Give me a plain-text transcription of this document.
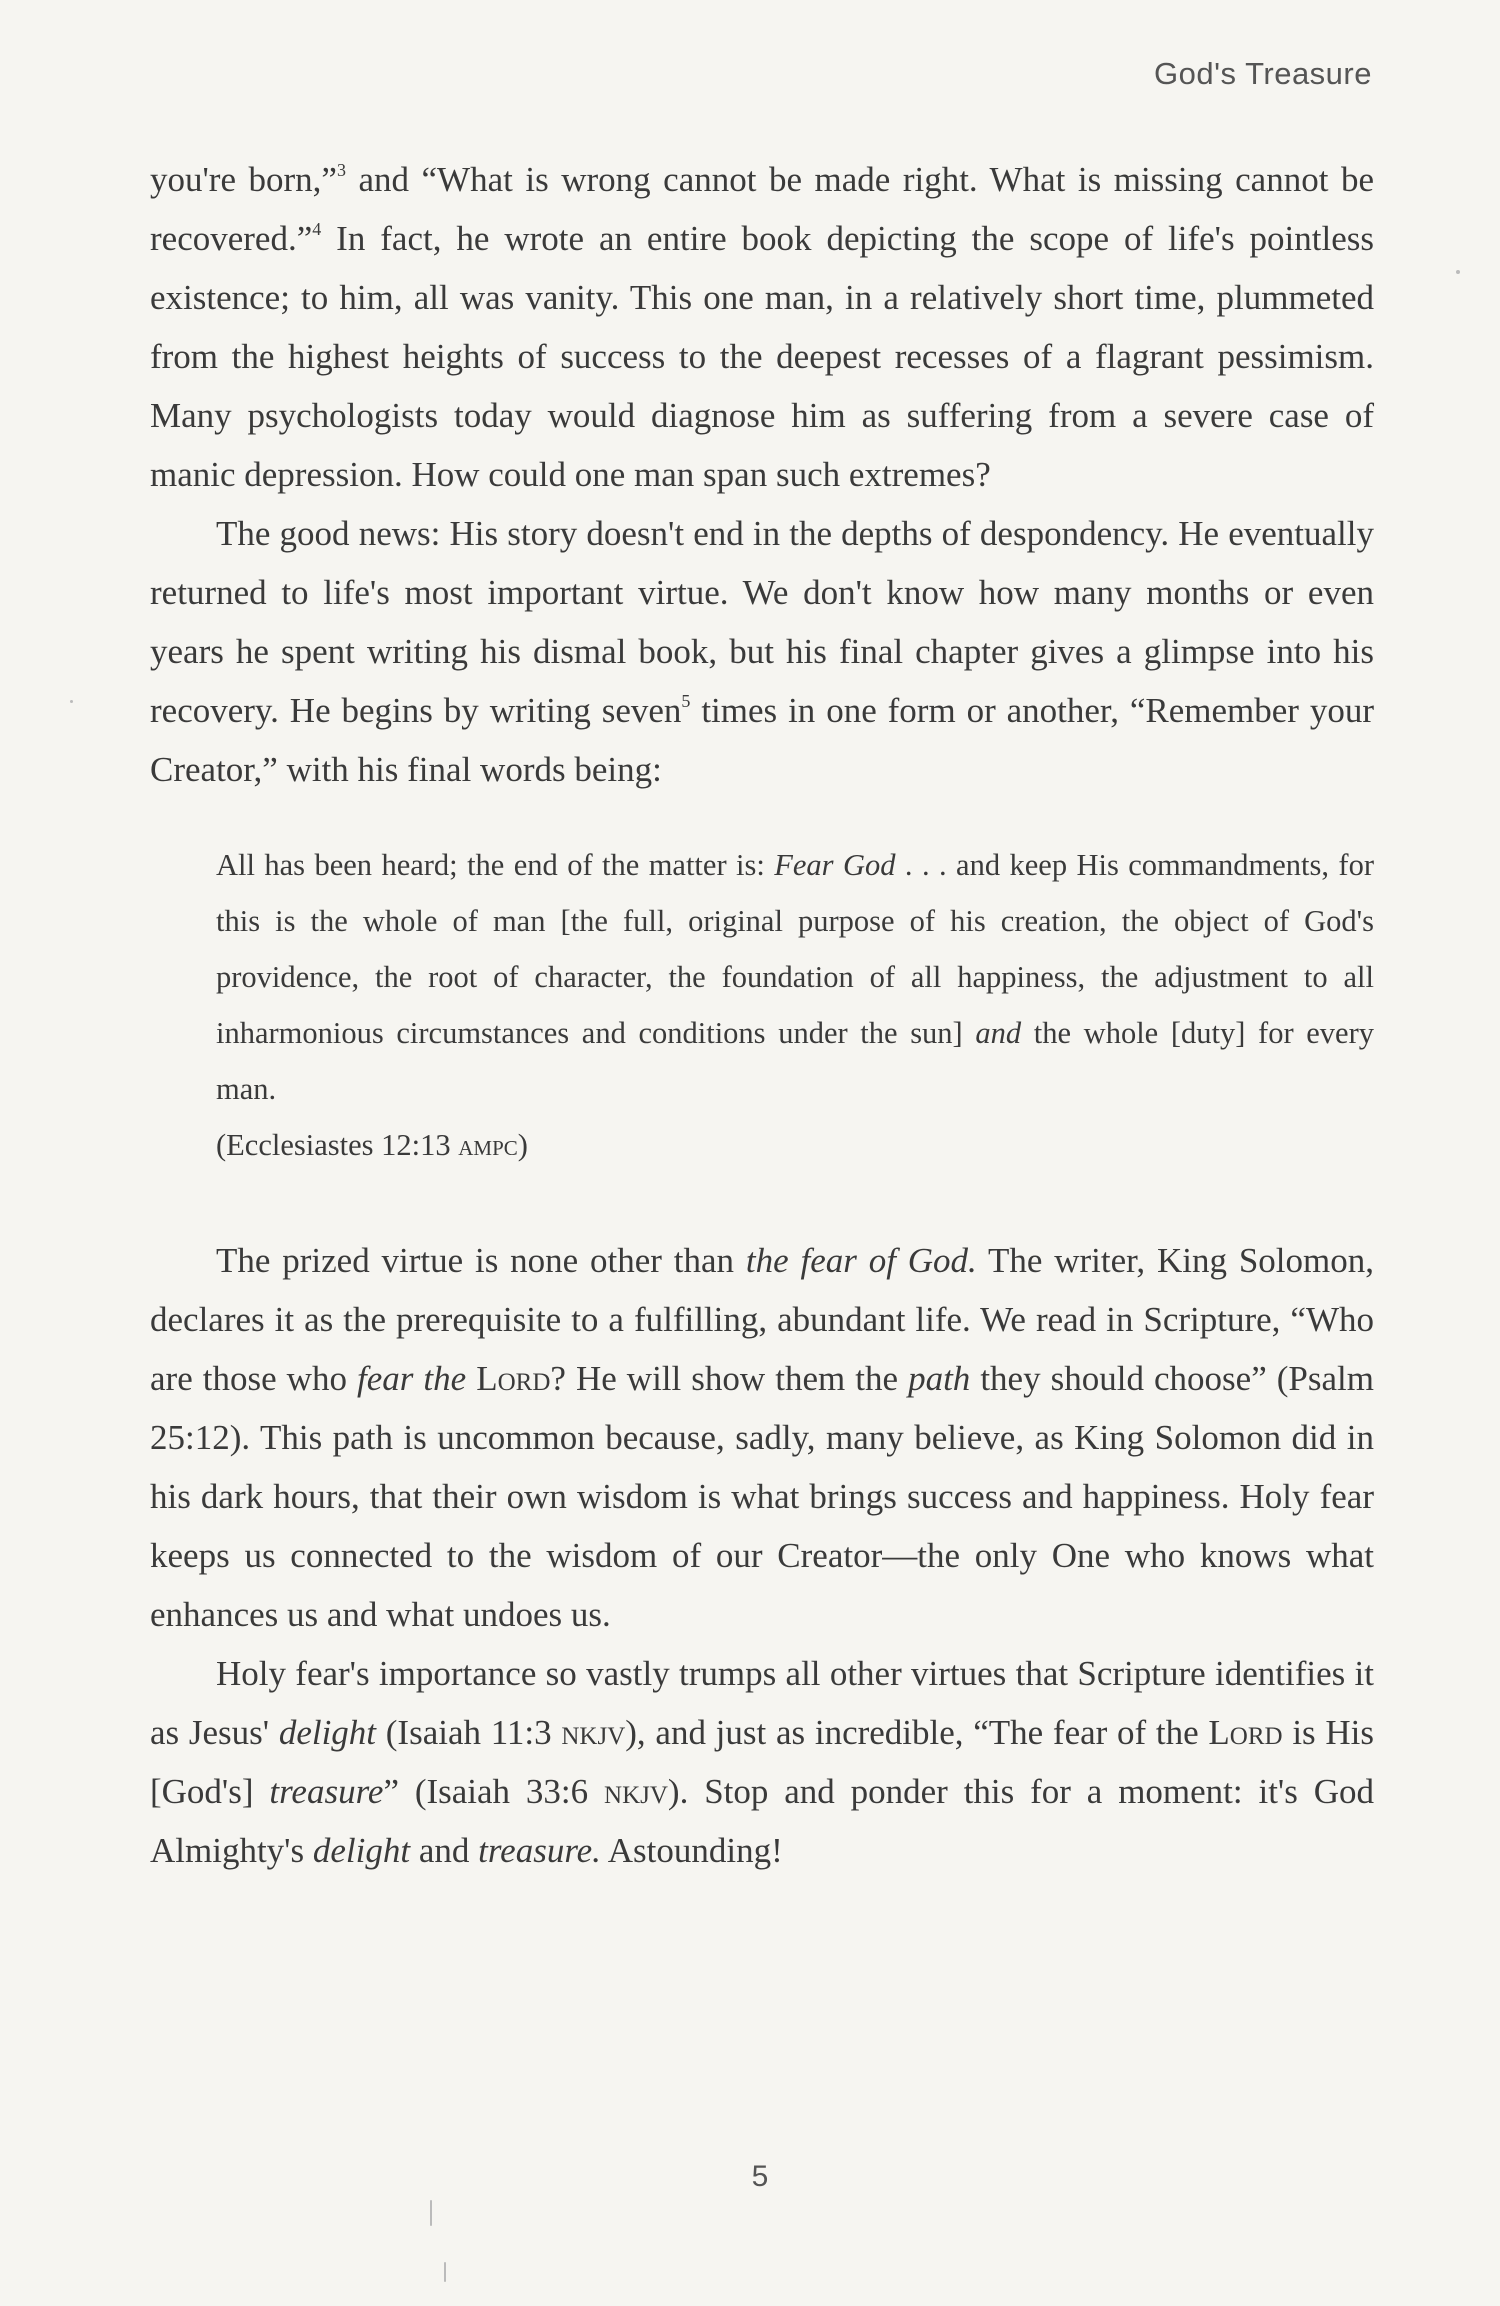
God's Treasure

you're born,”$^3$ and “What is wrong cannot be made right. What is missing cannot be recovered.”$^4$ In fact, he wrote an entire book depicting the scope of life's pointless existence; to him, all was vanity. This one man, in a relatively short time, plummeted from the highest heights of success to the deepest recesses of a flagrant pessimism. Many psychologists today would diagnose him as suffering from a severe case of manic depression. How could one man span such extremes?

The good news: His story doesn't end in the depths of despondency. He eventually returned to life's most important virtue. We don't know how many months or even years he spent writing his dismal book, but his final chapter gives a glimpse into his recovery. He begins by writing seven$^5$ times in one form or another, “Remember your Creator,” with his final words being:

All has been heard; the end of the matter is: Fear God . . . and keep His commandments, for this is the whole of man [the full, original purpose of his creation, the object of God's providence, the root of character, the foundation of all happiness, the adjustment to all inharmonious circumstances and conditions under the sun] and the whole [duty] for every man.
(Ecclesiastes 12:13 ampc)

The prized virtue is none other than the fear of God. The writer, King Solomon, declares it as the prerequisite to a fulfilling, abundant life. We read in Scripture, “Who are those who fear the Lord? He will show them the path they should choose” (Psalm 25:12). This path is uncommon because, sadly, many believe, as King Solomon did in his dark hours, that their own wisdom is what brings success and happiness. Holy fear keeps us connected to the wisdom of our Creator—the only One who knows what enhances us and what undoes us.

Holy fear's importance so vastly trumps all other virtues that Scripture identifies it as Jesus' delight (Isaiah 11:3 nkjv), and just as incredible, “The fear of the Lord is His [God's] treasure” (Isaiah 33:6 nkjv). Stop and ponder this for a moment: it's God Almighty's delight and treasure. Astounding!

5
